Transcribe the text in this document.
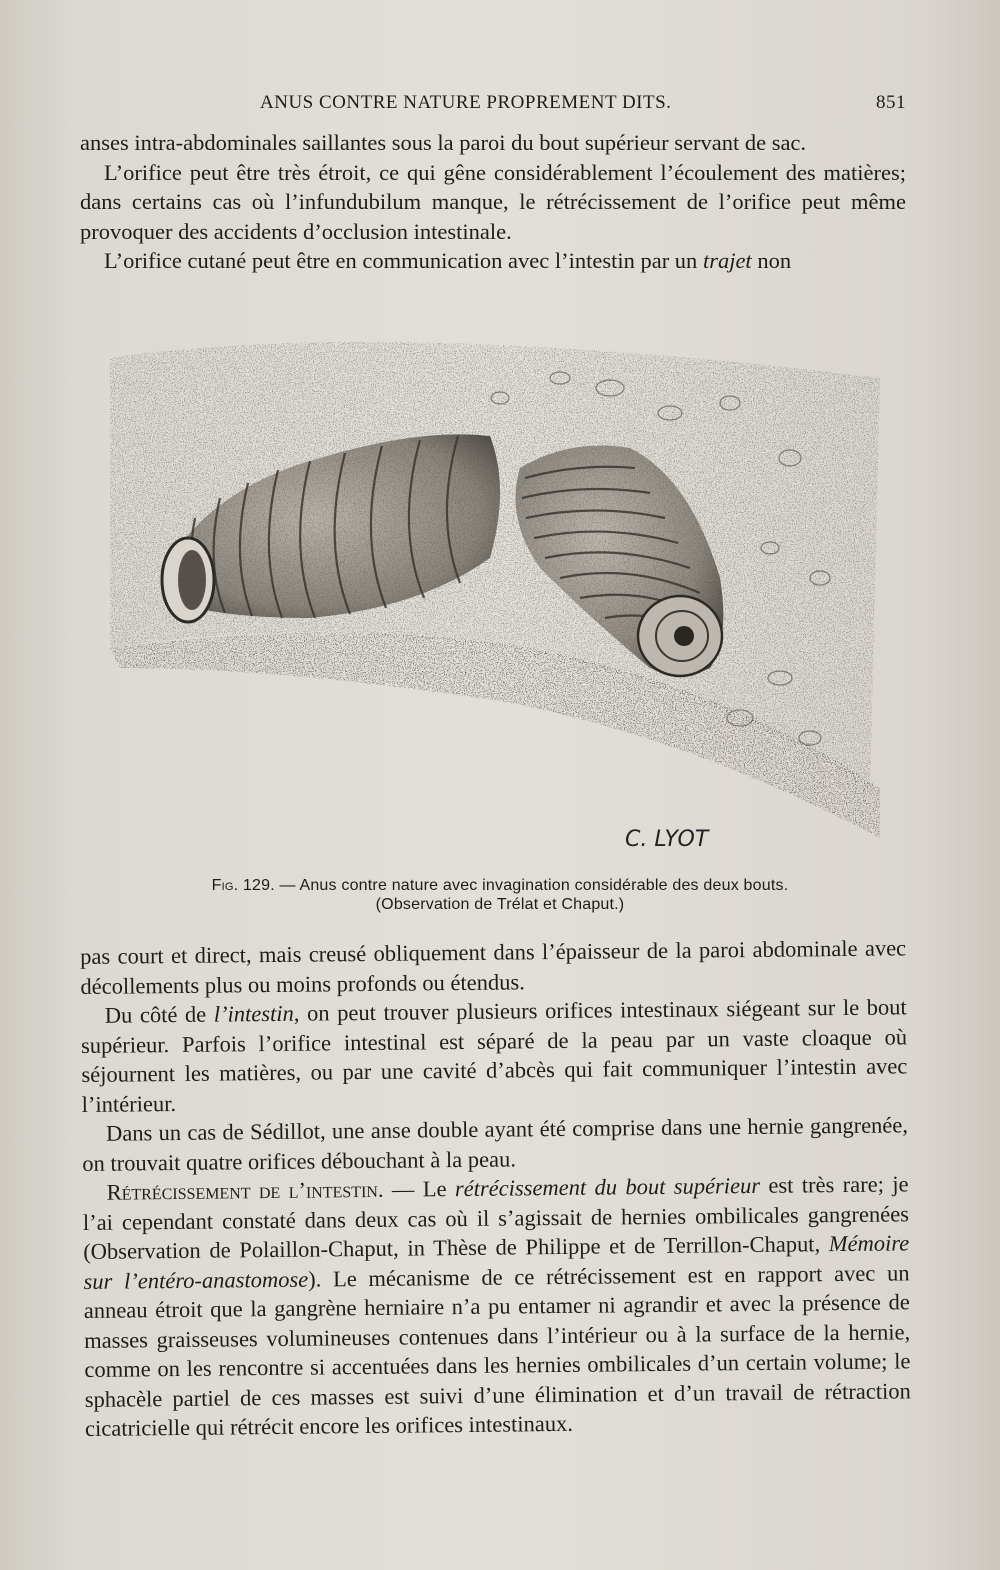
ANUS CONTRE NATURE PROPREMENT DITS.	851

anses intra-abdominales saillantes sous la paroi du bout supérieur servant de sac.

L’orifice peut être très étroit, ce qui gêne considérablement l’écoulement des matières; dans certains cas où l’infundubilum manque, le rétrécissement de l’orifice peut même provoquer des accidents d’occlusion intestinale.

L’orifice cutané peut être en communication avec l’intestin par un trajet non

C. LYOT
Fig. 129. — Anus contre nature avec invagination considérable des deux bouts.
(Observation de Trélat et Chaput.)

pas court et direct, mais creusé obliquement dans l’épaisseur de la paroi abdominale avec décollements plus ou moins profonds ou étendus.

Du côté de l’intestin, on peut trouver plusieurs orifices intestinaux siégeant sur le bout supérieur. Parfois l’orifice intestinal est séparé de la peau par un vaste cloaque où séjournent les matières, ou par une cavité d’abcès qui fait communiquer l’intestin avec l’intérieur.

Dans un cas de Sédillot, une anse double ayant été comprise dans une hernie gangrenée, on trouvait quatre orifices débouchant à la peau.

Rétrécissement de l’intestin. — Le rétrécissement du bout supérieur est très rare; je l’ai cependant constaté dans deux cas où il s’agissait de hernies ombilicales gangrenées (Observation de Polaillon-Chaput, in Thèse de Philippe et de Terrillon-Chaput, Mémoire sur l’entéro-anastomose). Le mécanisme de ce rétrécissement est en rapport avec un anneau étroit que la gangrène herniaire n’a pu entamer ni agrandir et avec la présence de masses graisseuses volumineuses contenues dans l’intérieur ou à la surface de la hernie, comme on les rencontre si accentuées dans les hernies ombilicales d’un certain volume; le sphacèle partiel de ces masses est suivi d’une élimination et d’un travail de rétraction cicatricielle qui rétrécit encore les orifices intestinaux.
